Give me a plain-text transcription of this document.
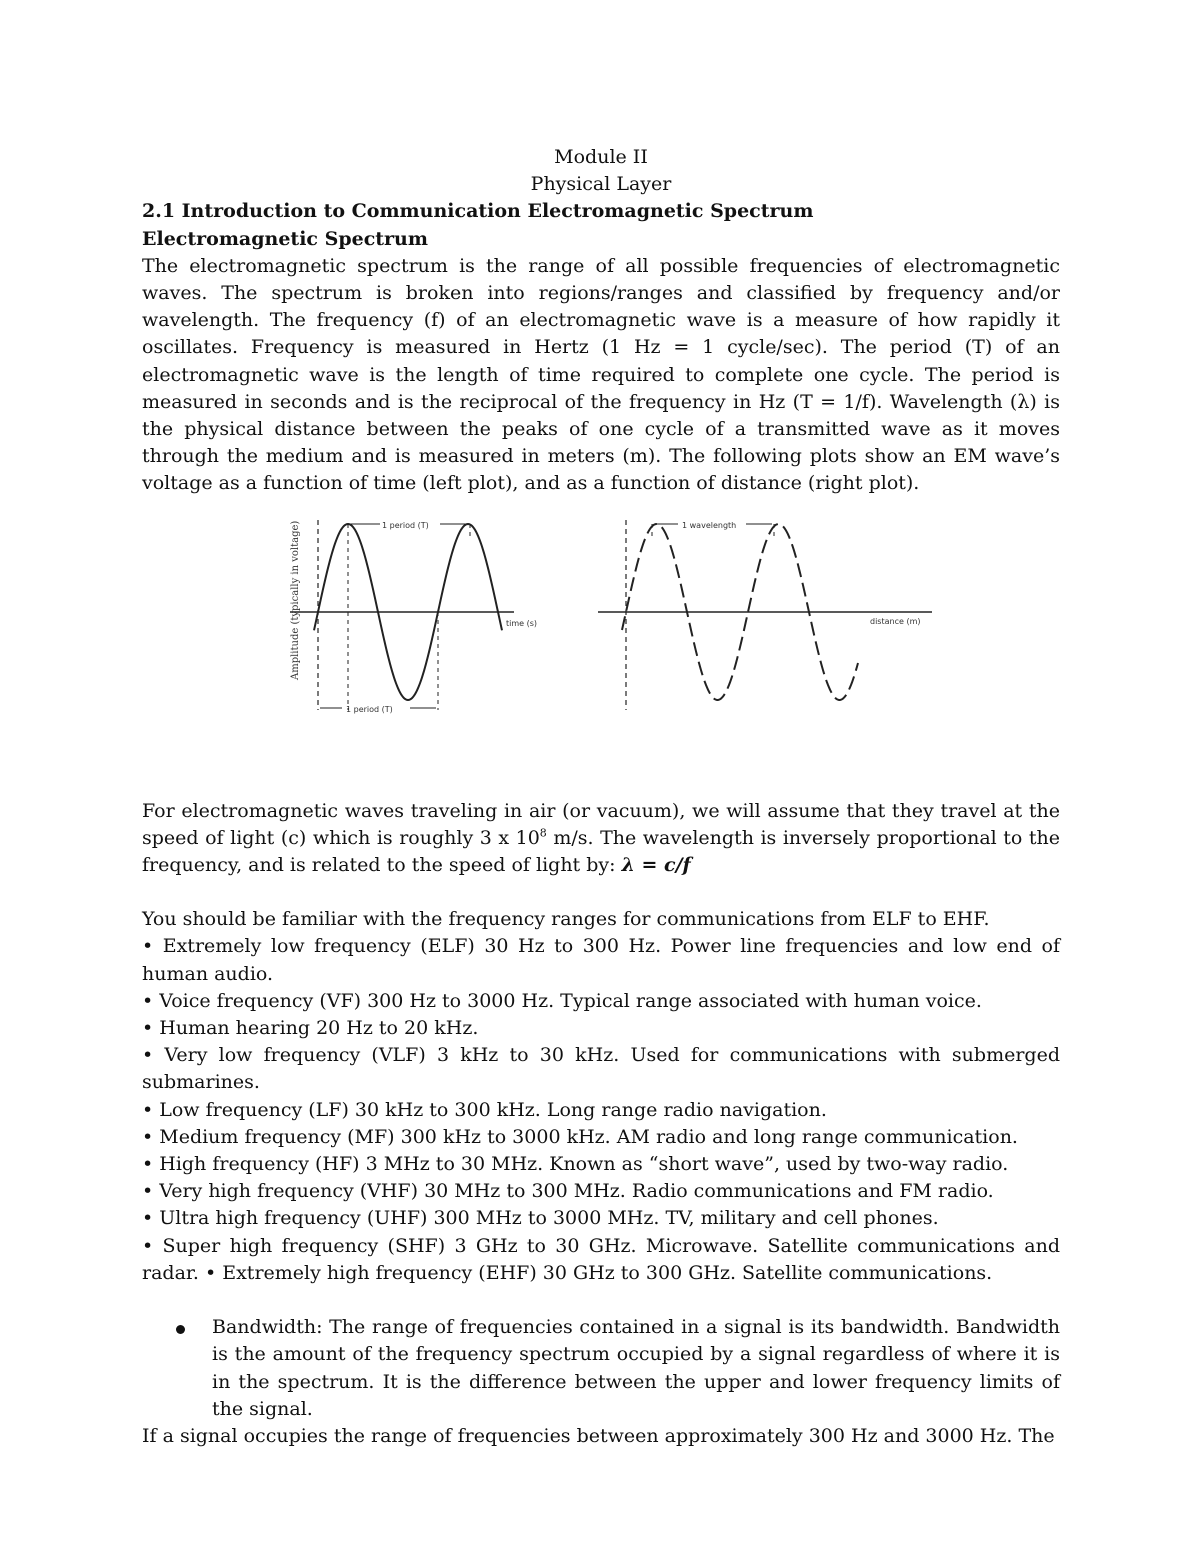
Module II
Physical Layer
2.1 Introduction to Communication Electromagnetic Spectrum
Electromagnetic Spectrum

The electromagnetic spectrum is the range of all possible frequencies of electromagnetic waves. The spectrum is broken into regions/ranges and classified by frequency and/or wavelength. The frequency (f) of an electromagnetic wave is a measure of how rapidly it oscillates. Frequency is measured in Hertz (1 Hz = 1 cycle/sec). The period (T) of an electromagnetic wave is the length of time required to complete one cycle. The period is measured in seconds and is the reciprocal of the frequency in Hz (T = 1/f). Wavelength (λ) is the physical distance between the peaks of one cycle of a transmitted wave as it moves through the medium and is measured in meters (m). The following plots show an EM wave’s voltage as a function of time (left plot), and as a function of distance (right plot).

1 period (T)
1 period (T)
time (s)
Amplitude (typically in voltage)	1 wavelength
distance (m)

For electromagnetic waves traveling in air (or vacuum), we will assume that they travel at the speed of light (c) which is roughly 3 x $10^8$ m/s. The wavelength is inversely proportional to the frequency, and is related to the speed of light by: λ = c/f

You should be familiar with the frequency ranges for communications from ELF to EHF.
• Extremely low frequency (ELF) 30 Hz to 300 Hz. Power line frequencies and low end of human audio.
• Voice frequency (VF) 300 Hz to 3000 Hz. Typical range associated with human voice.
• Human hearing 20 Hz to 20 kHz.
• Very low frequency (VLF) 3 kHz to 30 kHz. Used for communications with submerged submarines.
• Low frequency (LF) 30 kHz to 300 kHz. Long range radio navigation.
• Medium frequency (MF) 300 kHz to 3000 kHz. AM radio and long range communication.
• High frequency (HF) 3 MHz to 30 MHz. Known as “short wave”, used by two-way radio.
• Very high frequency (VHF) 30 MHz to 300 MHz. Radio communications and FM radio.
• Ultra high frequency (UHF) 300 MHz to 3000 MHz. TV, military and cell phones.
• Super high frequency (SHF) 3 GHz to 30 GHz. Microwave. Satellite communications and radar. • Extremely high frequency (EHF) 30 GHz to 300 GHz. Satellite communications.
Bandwidth: The range of frequencies contained in a signal is its bandwidth. Bandwidth is the amount of the frequency spectrum occupied by a signal regardless of where it is in the spectrum. It is the difference between the upper and lower frequency limits of the signal.
If a signal occupies the range of frequencies between approximately 300 Hz and 3000 Hz. The
